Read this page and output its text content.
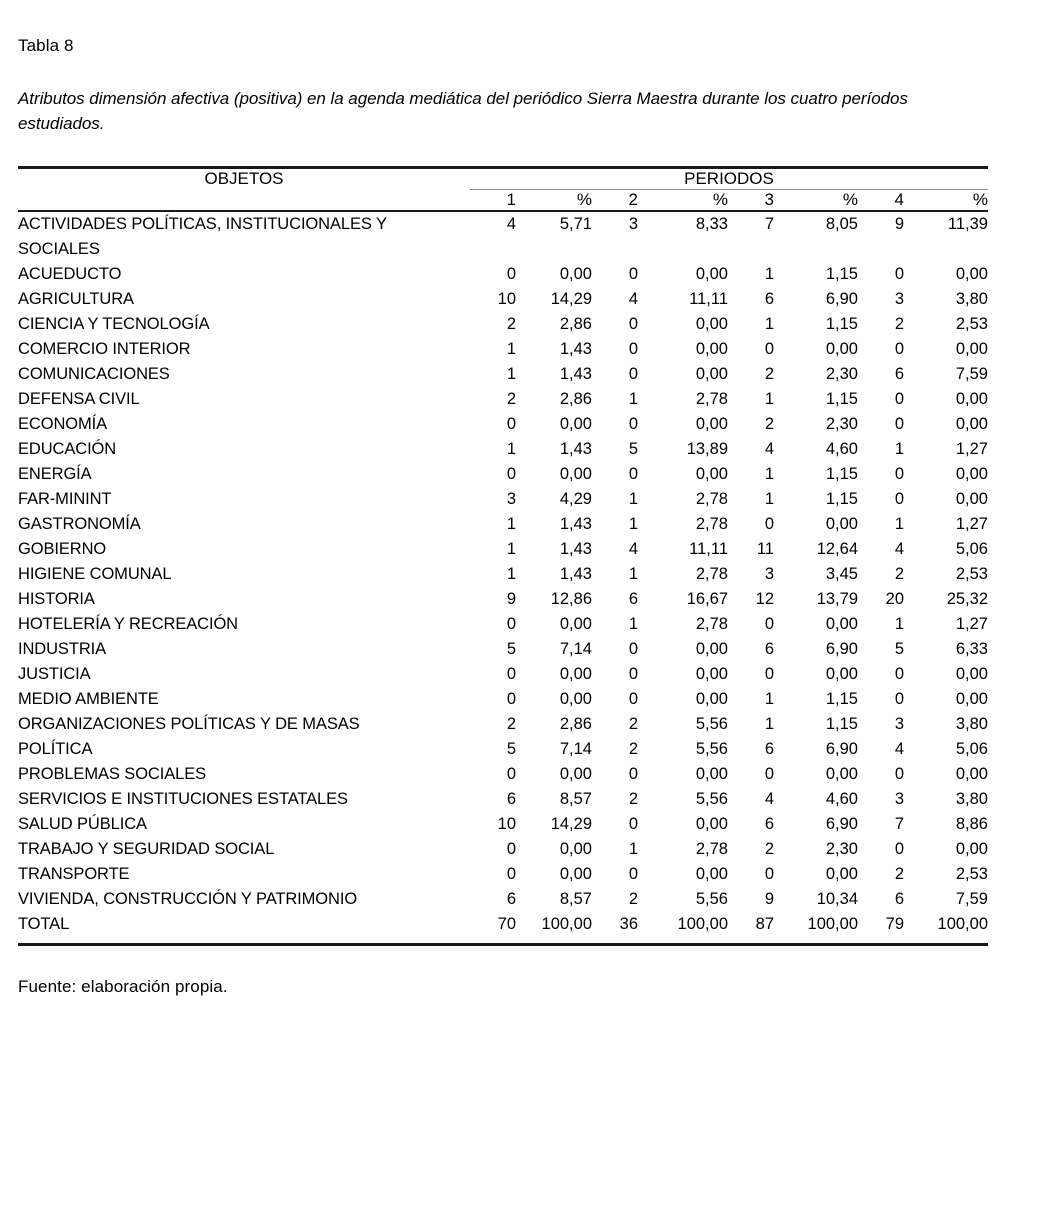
Tabla 8
Atributos dimensión afectiva (positiva) en la agenda mediática del periódico Sierra Maestra durante los cuatro períodos estudiados.
OBJETOS	PERIODOS							
	1	%	2	%	3	%	4	%
ACTIVIDADES POLÍTICAS, INSTITUCIONALES Y SOCIALES	4	5,71	3	8,33	7	8,05	9	11,39
ACUEDUCTO	0	0,00	0	0,00	1	1,15	0	0,00
AGRICULTURA	10	14,29	4	11,11	6	6,90	3	3,80
CIENCIA Y TECNOLOGÍA	2	2,86	0	0,00	1	1,15	2	2,53
COMERCIO INTERIOR	1	1,43	0	0,00	0	0,00	0	0,00
COMUNICACIONES	1	1,43	0	0,00	2	2,30	6	7,59
DEFENSA CIVIL	2	2,86	1	2,78	1	1,15	0	0,00
ECONOMÍA	0	0,00	0	0,00	2	2,30	0	0,00
EDUCACIÓN	1	1,43	5	13,89	4	4,60	1	1,27
ENERGÍA	0	0,00	0	0,00	1	1,15	0	0,00
FAR-MININT	3	4,29	1	2,78	1	1,15	0	0,00
GASTRONOMÍA	1	1,43	1	2,78	0	0,00	1	1,27
GOBIERNO	1	1,43	4	11,11	11	12,64	4	5,06
HIGIENE COMUNAL	1	1,43	1	2,78	3	3,45	2	2,53
HISTORIA	9	12,86	6	16,67	12	13,79	20	25,32
HOTELERÍA Y RECREACIÓN	0	0,00	1	2,78	0	0,00	1	1,27
INDUSTRIA	5	7,14	0	0,00	6	6,90	5	6,33
JUSTICIA	0	0,00	0	0,00	0	0,00	0	0,00
MEDIO AMBIENTE	0	0,00	0	0,00	1	1,15	0	0,00
ORGANIZACIONES POLÍTICAS Y DE MASAS	2	2,86	2	5,56	1	1,15	3	3,80
POLÍTICA	5	7,14	2	5,56	6	6,90	4	5,06
PROBLEMAS SOCIALES	0	0,00	0	0,00	0	0,00	0	0,00
SERVICIOS E INSTITUCIONES ESTATALES	6	8,57	2	5,56	4	4,60	3	3,80
SALUD PÚBLICA	10	14,29	0	0,00	6	6,90	7	8,86
TRABAJO Y SEGURIDAD SOCIAL	0	0,00	1	2,78	2	2,30	0	0,00
TRANSPORTE	0	0,00	0	0,00	0	0,00	2	2,53
VIVIENDA, CONSTRUCCIÓN Y PATRIMONIO	6	8,57	2	5,56	9	10,34	6	7,59
TOTAL	70	100,00	36	100,00	87	100,00	79	100,00
Fuente: elaboración propia.
